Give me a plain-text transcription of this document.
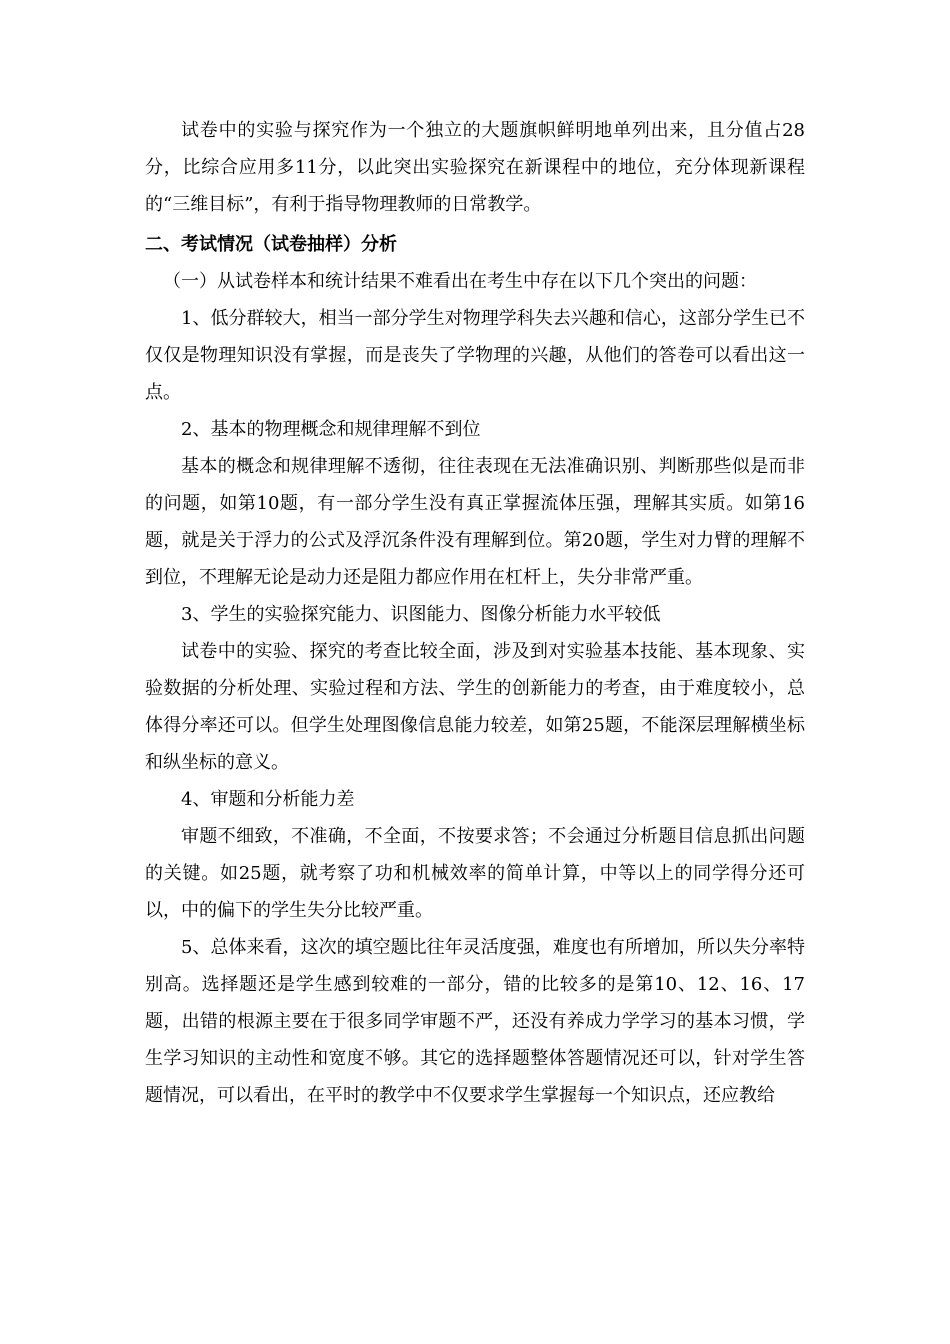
试卷中的实验与探究作为一个独立的大题旗帜鲜明地单列出来，且分值占28分，比综合应用多11分，以此突出实验探究在新课程中的地位，充分体现新课程的“三维目标”，有利于指导物理教师的日常教学。

二、考试情况（试卷抽样）分析

（一）从试卷样本和统计结果不难看出在考生中存在以下几个突出的问题：

1、低分群较大，相当一部分学生对物理学科失去兴趣和信心，这部分学生已不仅仅是物理知识没有掌握，而是丧失了学物理的兴趣，从他们的答卷可以看出这一点。

2、基本的物理概念和规律理解不到位

基本的概念和规律理解不透彻，往往表现在无法准确识别、判断那些似是而非的问题，如第10题，有一部分学生没有真正掌握流体压强，理解其实质。如第16题，就是关于浮力的公式及浮沉条件没有理解到位。第20题，学生对力臂的理解不到位，不理解无论是动力还是阻力都应作用在杠杆上，失分非常严重。

3、学生的实验探究能力、识图能力、图像分析能力水平较低

试卷中的实验、探究的考查比较全面，涉及到对实验基本技能、基本现象、实验数据的分析处理、实验过程和方法、学生的创新能力的考查，由于难度较小，总体得分率还可以。但学生处理图像信息能力较差，如第25题，不能深层理解横坐标和纵坐标的意义。

4、审题和分析能力差

审题不细致，不准确，不全面，不按要求答；不会通过分析题目信息抓出问题的关键。如25题，就考察了功和机械效率的简单计算，中等以上的同学得分还可以，中的偏下的学生失分比较严重。

5、总体来看，这次的填空题比往年灵活度强，难度也有所增加，所以失分率特别高。选择题还是学生感到较难的一部分，错的比较多的是第10、12、16、17题，出错的根源主要在于很多同学审题不严，还没有养成力学学习的基本习惯，学生学习知识的主动性和宽度不够。其它的选择题整体答题情况还可以，针对学生答题情况，可以看出，在平时的教学中不仅要求学生掌握每一个知识点，还应教给
